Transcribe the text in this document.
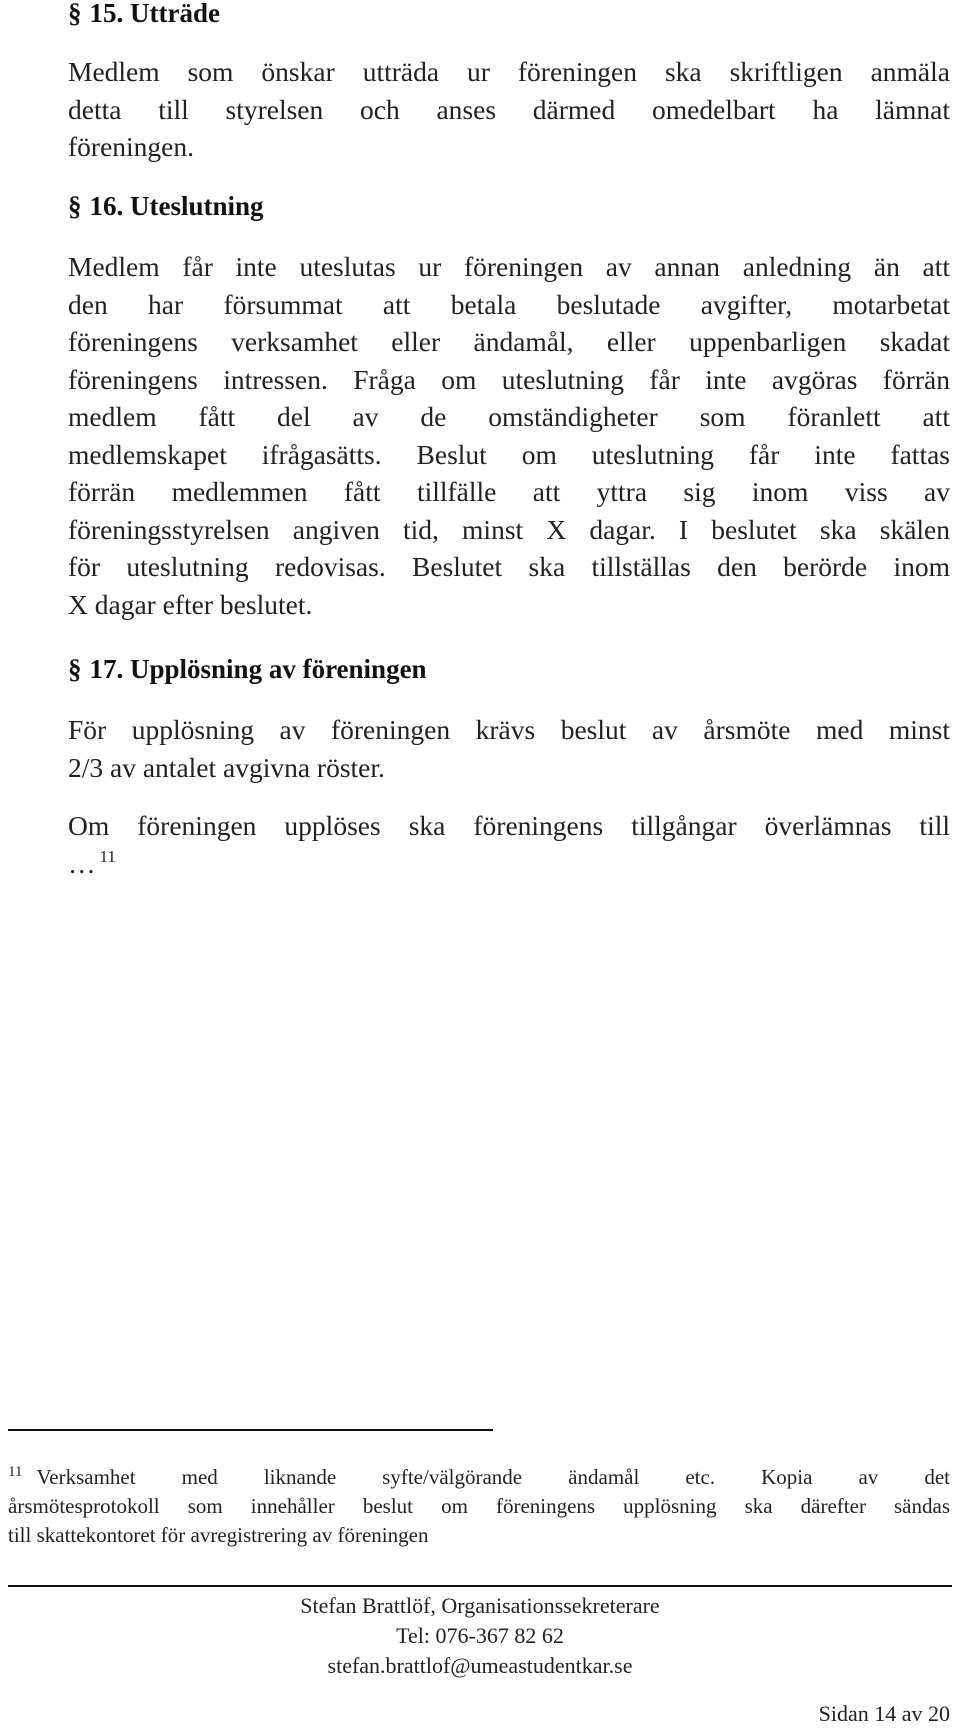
§ 15. Utträde
Medlem som önskar utträda ur föreningen ska skriftligen anmäla
detta till styrelsen och anses därmed omedelbart ha lämnat
föreningen.
§ 16. Uteslutning
Medlem får inte uteslutas ur föreningen av annan anledning än att
den har försummat att betala beslutade avgifter, motarbetat
föreningens verksamhet eller ändamål, eller uppenbarligen skadat
föreningens intressen. Fråga om uteslutning får inte avgöras förrän
medlem fått del av de omständigheter som föranlett att
medlemskapet ifrågasätts. Beslut om uteslutning får inte fattas
förrän medlemmen fått tillfälle att yttra sig inom viss av
föreningsstyrelsen angiven tid, minst X dagar. I beslutet ska skälen
för uteslutning redovisas. Beslutet ska tillställas den berörde inom
X dagar efter beslutet.
§ 17. Upplösning av föreningen
För upplösning av föreningen krävs beslut av årsmöte med minst
2/3 av antalet avgivna röster.
Om föreningen upplöses ska föreningens tillgångar överlämnas till
… $^{11}$
$^{11}$ Verksamhet med liknande syfte/välgörande ändamål etc. Kopia av det
årsmötesprotokoll som innehåller beslut om föreningens upplösning ska därefter sändas
till skattekontoret för avregistrering av föreningen
Stefan Brattlöf, Organisationssekreterare
Tel: 076-367 82 62
stefan.brattlof@umeastudentkar.se
Sidan 14 av 20
